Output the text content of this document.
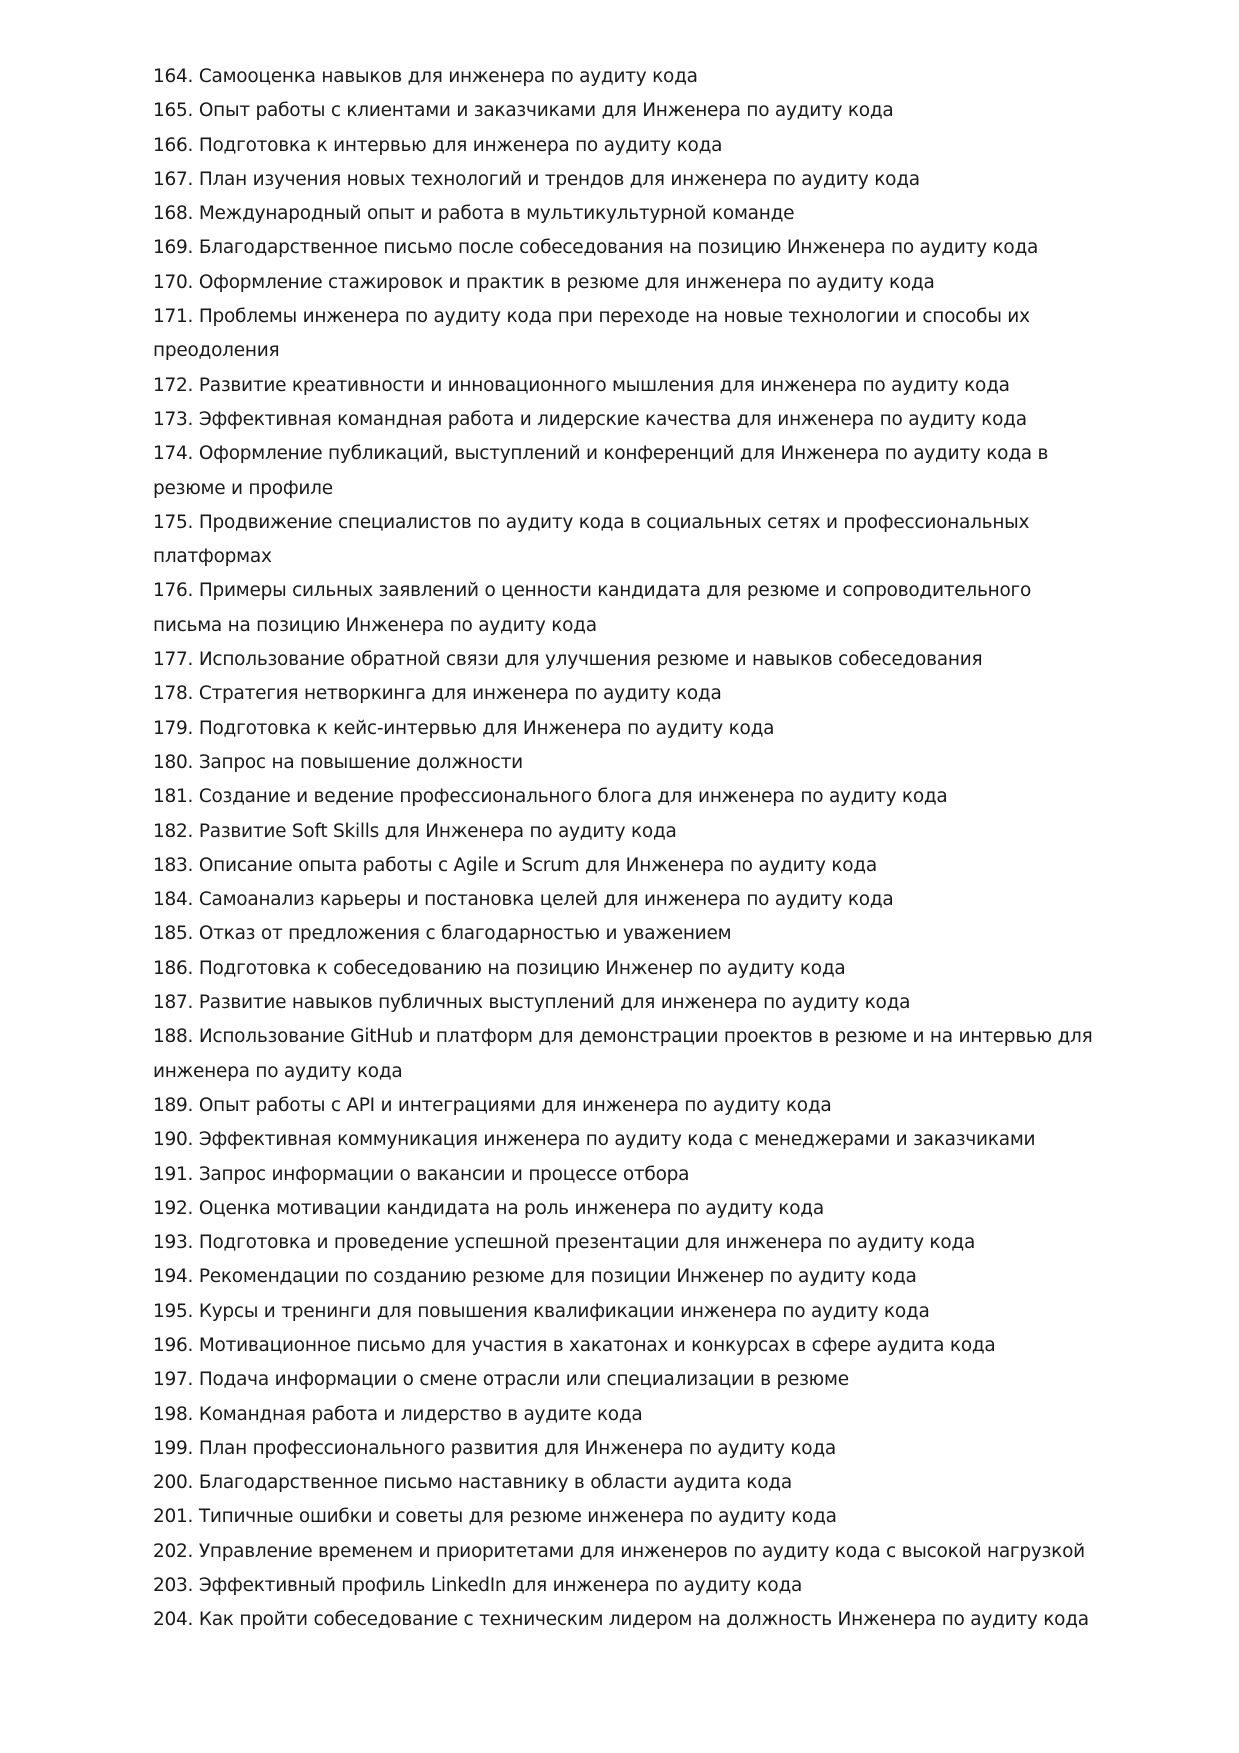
164. Самооценка навыков для инженера по аудиту кода
165. Опыт работы с клиентами и заказчиками для Инженера по аудиту кода
166. Подготовка к интервью для инженера по аудиту кода
167. План изучения новых технологий и трендов для инженера по аудиту кода
168. Международный опыт и работа в мультикультурной команде
169. Благодарственное письмо после собеседования на позицию Инженера по аудиту кода
170. Оформление стажировок и практик в резюме для инженера по аудиту кода
171. Проблемы инженера по аудиту кода при переходе на новые технологии и способы их преодоления
172. Развитие креативности и инновационного мышления для инженера по аудиту кода
173. Эффективная командная работа и лидерские качества для инженера по аудиту кода
174. Оформление публикаций, выступлений и конференций для Инженера по аудиту кода в резюме и профиле
175. Продвижение специалистов по аудиту кода в социальных сетях и профессиональных платформах
176. Примеры сильных заявлений о ценности кандидата для резюме и сопроводительного письма на позицию Инженера по аудиту кода
177. Использование обратной связи для улучшения резюме и навыков собеседования
178. Стратегия нетворкинга для инженера по аудиту кода
179. Подготовка к кейс-интервью для Инженера по аудиту кода
180. Запрос на повышение должности
181. Создание и ведение профессионального блога для инженера по аудиту кода
182. Развитие Soft Skills для Инженера по аудиту кода
183. Описание опыта работы с Agile и Scrum для Инженера по аудиту кода
184. Самоанализ карьеры и постановка целей для инженера по аудиту кода
185. Отказ от предложения с благодарностью и уважением
186. Подготовка к собеседованию на позицию Инженер по аудиту кода
187. Развитие навыков публичных выступлений для инженера по аудиту кода
188. Использование GitHub и платформ для демонстрации проектов в резюме и на интервью для инженера по аудиту кода
189. Опыт работы с API и интеграциями для инженера по аудиту кода
190. Эффективная коммуникация инженера по аудиту кода с менеджерами и заказчиками
191. Запрос информации о вакансии и процессе отбора
192. Оценка мотивации кандидата на роль инженера по аудиту кода
193. Подготовка и проведение успешной презентации для инженера по аудиту кода
194. Рекомендации по созданию резюме для позиции Инженер по аудиту кода
195. Курсы и тренинги для повышения квалификации инженера по аудиту кода
196. Мотивационное письмо для участия в хакатонах и конкурсах в сфере аудита кода
197. Подача информации о смене отрасли или специализации в резюме
198. Командная работа и лидерство в аудите кода
199. План профессионального развития для Инженера по аудиту кода
200. Благодарственное письмо наставнику в области аудита кода
201. Типичные ошибки и советы для резюме инженера по аудиту кода
202. Управление временем и приоритетами для инженеров по аудиту кода с высокой нагрузкой
203. Эффективный профиль LinkedIn для инженера по аудиту кода
204. Как пройти собеседование с техническим лидером на должность Инженера по аудиту кода
